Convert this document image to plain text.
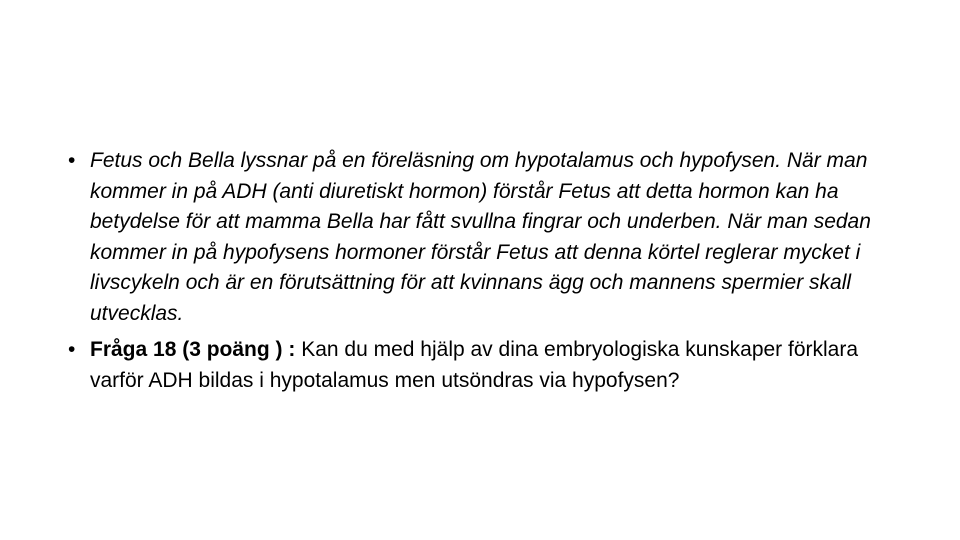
• Fetus och Bella lyssnar på en föreläsning om hypotalamus och hypofysen. När man kommer in på ADH (anti diuretiskt hormon) förstår Fetus att detta hormon kan ha betydelse för att mamma Bella har fått svullna fingrar och underben. När man sedan kommer in på hypofysens hormoner förstår Fetus att denna körtel reglerar mycket i livscykeln och är en förutsättning för att kvinnans ägg och mannens spermier skall utvecklas.
• Fråga 18 (3 poäng ) : Kan du med hjälp av dina embryologiska kunskaper förklara varför ADH bildas i hypotalamus men utsöndras via hypofysen?
